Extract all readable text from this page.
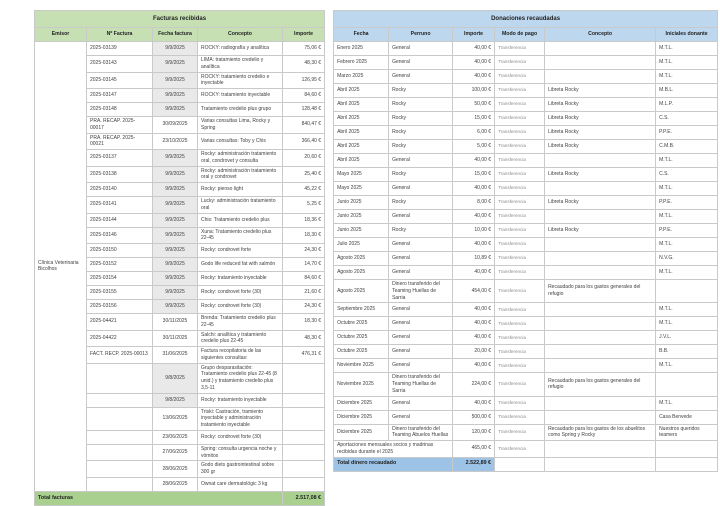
Facturas recibidas				
Emisor	Nº Factura	Fecha factura	Concepto	Importe
Clínica Veterinaria Bicolhos	2025-03139	9/9/2025	ROCKY: radiografía y analítica	75,06 €
	2025-03143	9/9/2025	LIMA: tratamiento credelio y analítica	48,30 €
	2025-03145	9/9/2025	ROCKY: tratamiento credelio e inyectable	126,95 €
	2025-03147	9/9/2025	ROCKY: tratamiento inyectable	84,60 €
	2025-03148	9/9/2025	Tratamiento credelio plus grupo	128,48 €
	PRA. RECAP. 2025-00017	30/09/2025	Varias consultas Lima, Rocky y Spring	840,47 €
	PRA. RECAP. 2025-00021	23/10/2025	Varias consultas: Toby y Chis	366,40 €
	2025-03137	9/9/2025	Rocky: administración tratamiento oral, condrovet y consulta	20,60 €
	2025-03138	9/9/2025	Rocky: administración tratamiento oral y condrovet	25,40 €
	2025-03140	9/9/2025	Rocky: pienso light	45,22 €
	2025-03141	9/9/2025	Lucky: administración tratamiento oral	5,25 €
	2025-03144	9/9/2025	Chis: Tratamiento credelio plus	18,36 €
	2025-03146	9/9/2025	Xuna: Tratamiento credelio plus 22-45	18,30 €
	2025-03150	9/9/2025	Rocky: condrovet forte	24,30 €
	2025-03152	9/9/2025	Godo life reduced fat with salmón	14,70 €
	2025-03154	9/9/2025	Rocky: tratamiento inyectable	84,60 €
	2025-03155	9/9/2025	Rocky: condrovet forte (30)	21,60 €
	2025-03156	9/9/2025	Rocky: condrovet forte (30)	24,30 €
	2025-04421	30/11/2025	Brenda: Tratamiento credelio plus 22-45	18,30 €
	2025-04422	30/11/2025	Salchi: analítica y tratamiento credelio plus 22-45	48,30 €
	FACT. RECP. 2025-00013	31/06/2025	Factura recopilatoria de las siguientes consultas:	476,31 €
		9/8/2025	Grupo desparasitación: Tratamiento credelio plus 22-45 (8 unid.) y tratamiento credelio plus 3,5-11	
		9/8/2025	Rocky: tratamiento inyectable	
		13/06/2025	Triski: Castración, tramiento inyectable y administración tratamiento inyectable	
		23/06/2025	Rocky: condrovet forte (30)	
		27/06/2025	Spring: consulta urgencia noche y vómitos	
		28/06/2025	Godo diets gastrointestinal sobre 300 gr	
		28/06/2025	Ownat care dermatológic 3 kg	
Total facturas				2.517,08 €
Donaciones recaudadas					
Fecha	Perruno	Importe	Modo de pago	Concepto	Iniciales donante
Enero 2025	General	40,00 €	Transferencia		M.T.L.
Febrero 2025	General	40,00 €	Transferencia		M.T.L.
Marzo 2025	General	40,00 €	Transferencia		M.T.L.
Abril 2025	Rocky	100,00 €	Transferencia	Libreta Rocky	M.B.L.
Abril 2025	Rocky	50,00 €	Transferencia	Libreta Rocky	M.L.P.
Abril 2025	Rocky	15,00 €	Transferencia	Libreta Rocky	C.S.
Abril 2025	Rocky	6,00 €	Transferencia	Libreta Rocky	P.P.E.
Abril 2025	Rocky	5,00 €	Transferencia	Libreta Rocky	C.M.B.
Abril 2025	General	40,00 €	Transferencia		M.T.L.
Mayo 2025	Rocky	15,00 €	Transferencia	Libreta Rocky	C.S.
Mayo 2025	General	40,00 €	Transferencia		M.T.L.
Junio 2025	Rocky	8,00 €	Transferencia	Libreta Rocky	P.P.E.
Junio 2025	General	40,00 €	Transferencia		M.T.L.
Junio 2025	Rocky	10,00 €	Transferencia	Libreta Rocky	P.P.E.
Julio 2025	General	40,00 €	Transferencia		M.T.L.
Agosto 2025	General	10,89 €	Transferencia		N.V.G.
Agosto 2025	General	40,00 €	Transferencia		M.T.L.
Agosto 2025	Dinero transferido del Teaming Huellas de Sarria	454,00 €	Transferencia	Recaudado para los gastos generales del refugio	
Septiembre 2025	General	40,00 €	Transferencia		M.T.L.
Octubre 2025	General	40,00 €	Transferencia		M.T.L.
Octubre 2025	General	40,00 €	Transferencia		J.V.L.
Octubre 2025	General	20,00 €	Transferencia		B.B.
Noviembre 2025	General	40,00 €	Transferencia		M.T.L.
Noviembre 2025	Dinero transferido del Teaming Huellas de Sarria	224,00 €	Transferencia	Recaudado para los gastos generales del refugio	
Diciembre 2025	General	40,00 €	Transferencia		M.T.L.
Diciembre 2025	General	500,00 €	Transferencia		Casa Benvede
Diciembre 2025	Dinero transferido del Teaming Abuelos Huellas	120,00 €	Transferencia	Recaudado para los gastos de los abuelitos como Spring y Rocky	Nuestros queridos teamers
Aportaciones mensuales socios y madrinas recibidas durante el 2025		465,00 €	Transferencia		
Total dinero recaudado		2.522,89 €			
